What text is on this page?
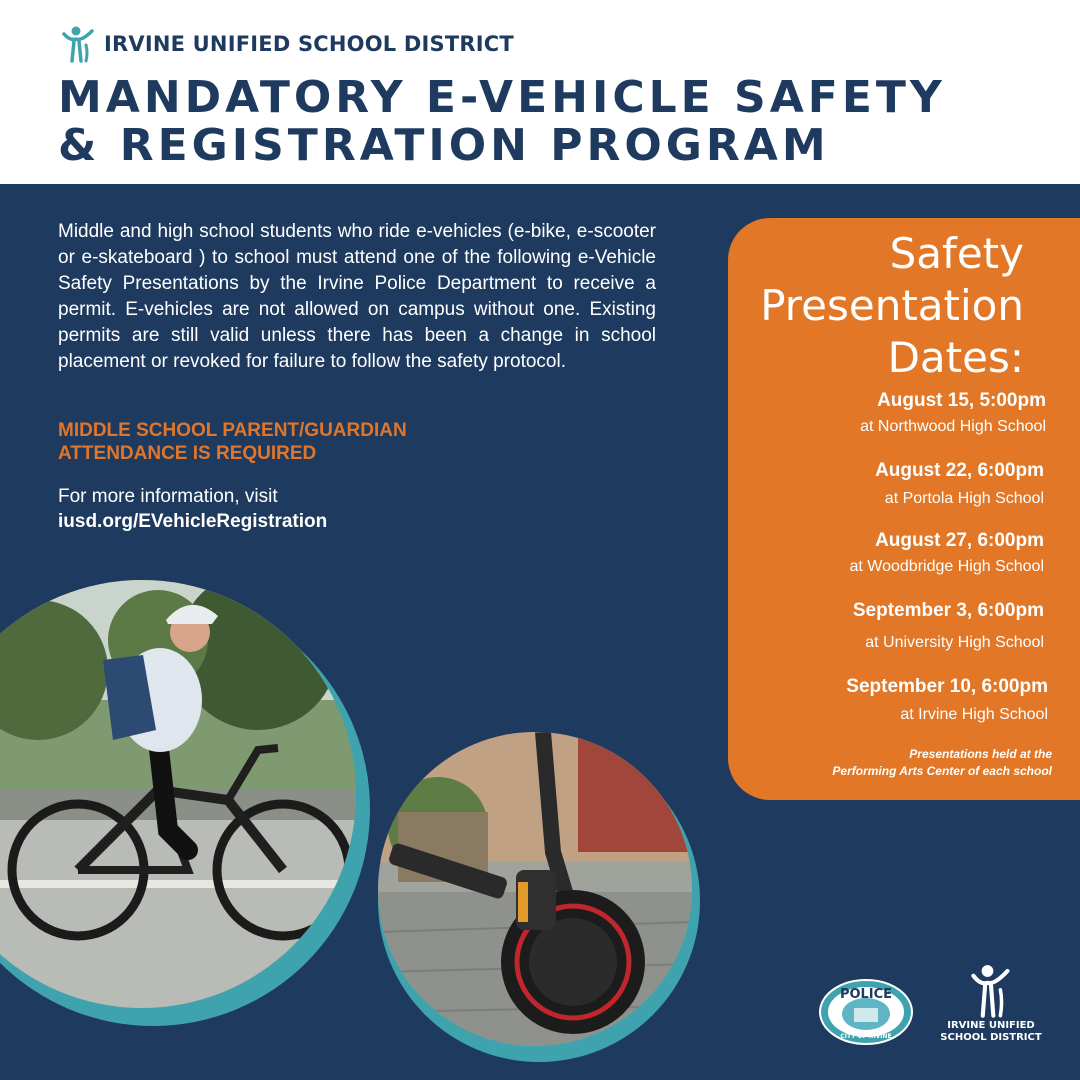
IRVINE UNIFIED SCHOOL DISTRICT
MANDATORY E-VEHICLE SAFETY
& REGISTRATION PROGRAM

Middle and high school students who ride e-vehicles (e-bike, e-scooter or e-skateboard ) to school must attend one of the following e-Vehicle Safety Presentations by the Irvine Police Department to receive a permit. E-vehicles are not allowed on campus without one. Existing permits are still valid unless there has been a change in school placement or revoked for failure to follow the safety protocol.

MIDDLE SCHOOL PARENT/GUARDIAN
ATTENDANCE IS REQUIRED
For more information, visit
iusd.org/EVehicleRegistration
Safety
Presentation
Dates:
August 15, 5:00pm
at Northwood High School
August 22, 6:00pm
at Portola High School
August 27, 6:00pm
at Woodbridge High School
September 3, 6:00pm
at University High School
September 10, 6:00pm
at Irvine High School
Presentations held at the
Performing Arts Center of each school
POLICE
CITY OF IRVINE
IRVINE UNIFIED
SCHOOL DISTRICT
